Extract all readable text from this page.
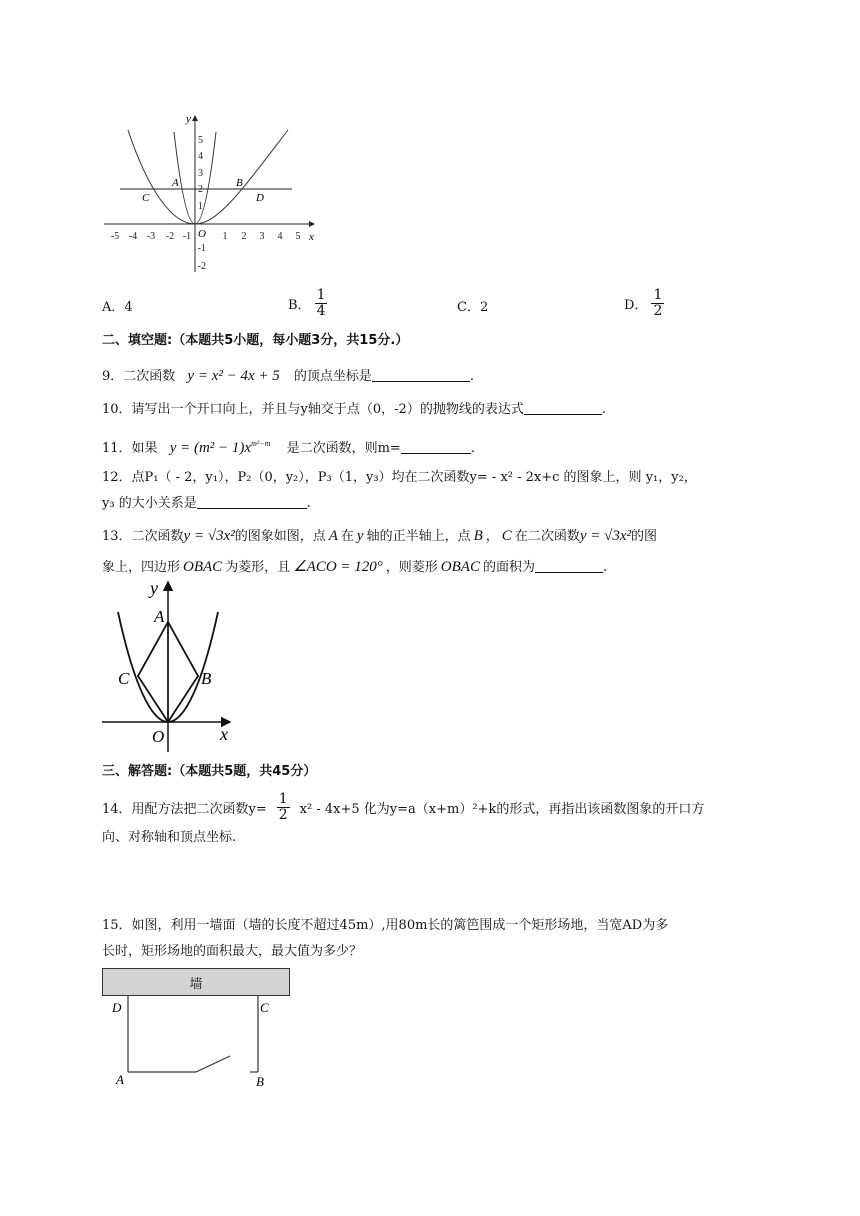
-5 -4 -3 -2 -1	1 2 3 4 5
5
4
3
2
1
-1
-2
y
x
O
A	B
C	D
A．4	B． $\frac{1}{4}$	C．2	D． $\frac{1}{2}$
二、填空题:（本题共5小题，每小题3分，共15分.）
9．二次函数 y = x² − 4x + 5 的顶点坐标是	.
10．请写出一个开口向上，并且与y轴交于点（0，-2）的抛物线的表达式	.
11．如果 $y = (m^2 - 1)x^{m^2-m}$ 是二次函数，则m=	.
12．点P₁（ - 2，y₁），P₂（0，y₂），P₃（1，y₃）均在二次函数y= - x² - 2x+c 的图象上，则 y₁，y₂，
y₃ 的大小关系是	.
13．二次函数y = √3x²的图象如图，点 A 在 y 轴的正半轴上，点 B ， C 在二次函数y = √3x²的图
象上，四边形 OBAC 为菱形，且 ∠ACO = 120° ，则菱形 OBAC 的面积为	.
y
x
A
B
C
O
三、解答题:（本题共5题，共45分）
14．用配方法把二次函数$y= \frac{1}{2} x^2 - 4x+5$ 化为y=a（x+m）²+k的形式，再指出该函数图象的开口方
向、对称轴和顶点坐标.
15．如图，利用一墙面（墙的长度不超过45m）,用80m长的篱笆围成一个矩形场地，当宽AD为多
长时，矩形场地的面积最大，最大值为多少？
墙
D	C
A	B
